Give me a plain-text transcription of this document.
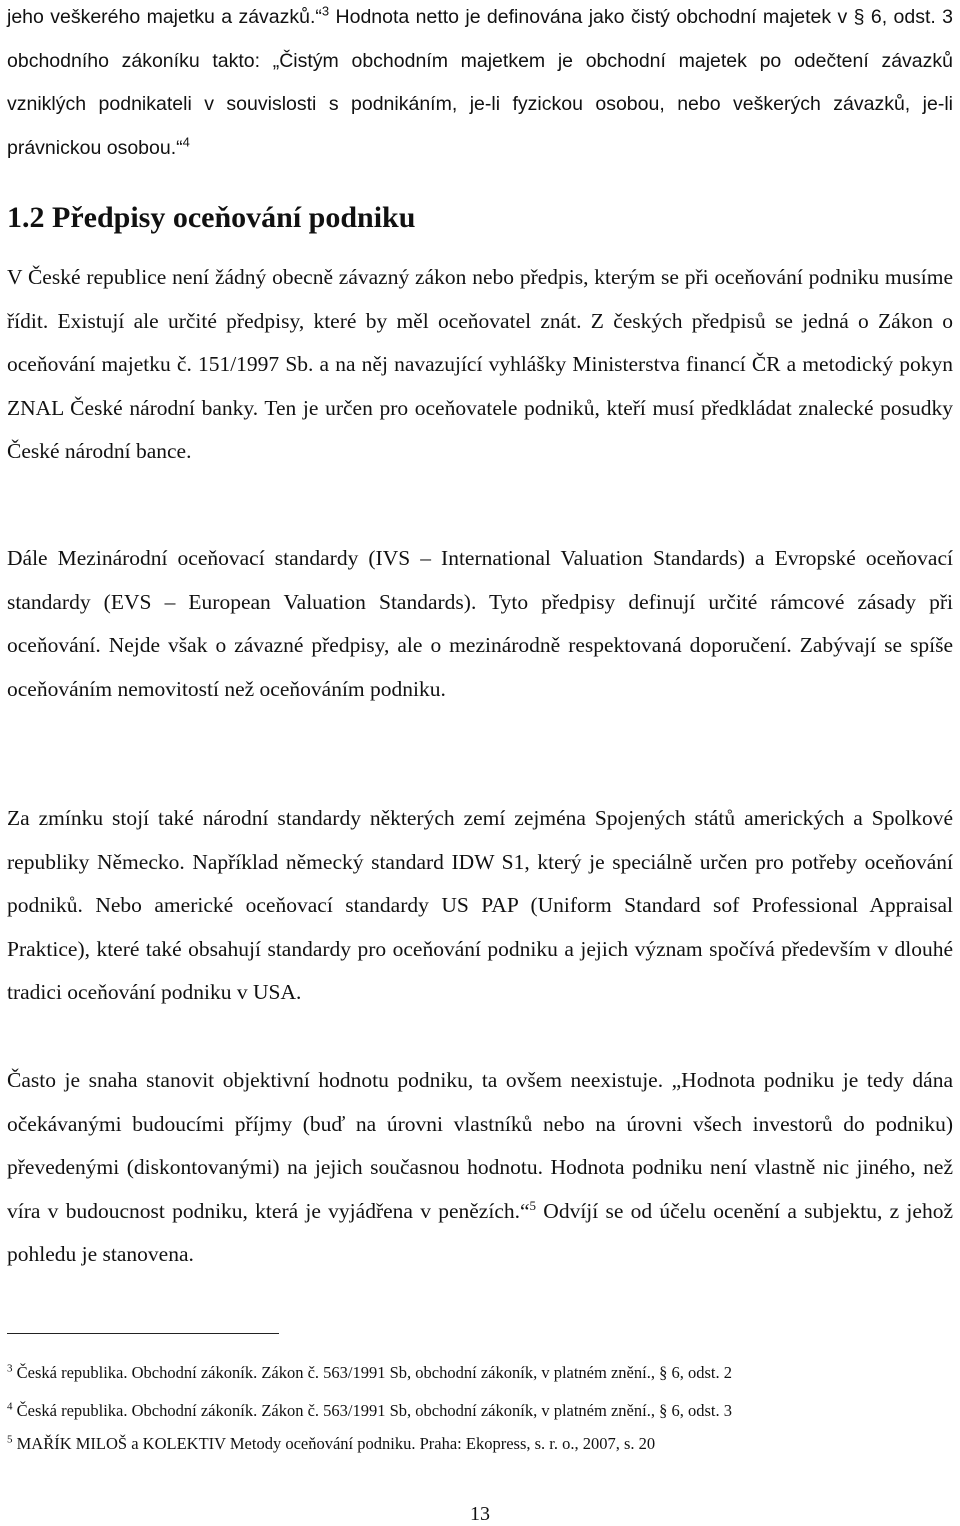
jeho veškerého majetku a závazků.“$^3$ Hodnota netto je definována jako čistý obchodní majetek v § 6, odst. 3 obchodního zákoníku takto: „Čistým obchodním majetkem je obchodní majetek po odečtení závazků vzniklých podnikateli v souvislosti s podnikáním, je-li fyzickou osobou, nebo veškerých závazků, je-li právnickou osobou.“$^4$

1.2 Předpisy oceňování podniku

V České republice není žádný obecně závazný zákon nebo předpis, kterým se při oceňování podniku musíme řídit. Existují ale určité předpisy, které by měl oceňovatel znát. Z českých předpisů se jedná o Zákon o oceňování majetku č. 151/1997 Sb. a na něj navazující vyhlášky Ministerstva financí ČR a metodický pokyn ZNAL České národní banky. Ten je určen pro oceňovatele podniků, kteří musí předkládat znalecké posudky České národní bance.

Dále Mezinárodní oceňovací standardy (IVS – International Valuation Standards) a Evropské oceňovací standardy (EVS – European Valuation Standards). Tyto předpisy definují určité rámcové zásady při oceňování. Nejde však o závazné předpisy, ale o mezinárodně respektovaná doporučení. Zabývají se spíše oceňováním nemovitostí než oceňováním podniku.

Za zmínku stojí také národní standardy některých zemí zejména Spojených států amerických a Spolkové republiky Německo. Například německý standard IDW S1, který je speciálně určen pro potřeby oceňování podniků. Nebo americké oceňovací standardy US PAP (Uniform Standard sof Professional Appraisal Praktice), které také obsahují standardy pro oceňování podniku a jejich význam spočívá především v dlouhé tradici oceňování podniku v USA.

Často je snaha stanovit objektivní hodnotu podniku, ta ovšem neexistuje. „Hodnota podniku je tedy dána očekávanými budoucími příjmy (buď na úrovni vlastníků nebo na úrovni všech investorů do podniku) převedenými (diskontovanými) na jejich současnou hodnotu. Hodnota podniku není vlastně nic jiného, než víra v budoucnost podniku, která je vyjádřena v penězích.“$^5$ Odvíjí se od účelu ocenění a subjektu, z jehož pohledu je stanovena.

$^3$ Česká republika. Obchodní zákoník. Zákon č. 563/1991 Sb, obchodní zákoník, v platném znění., § 6, odst. 2
$^4$ Česká republika. Obchodní zákoník. Zákon č. 563/1991 Sb, obchodní zákoník, v platném znění., § 6, odst. 3
$^5$ MAŘÍK MILOŠ a KOLEKTIV Metody oceňování podniku. Praha: Ekopress, s. r. o., 2007, s. 20
13
